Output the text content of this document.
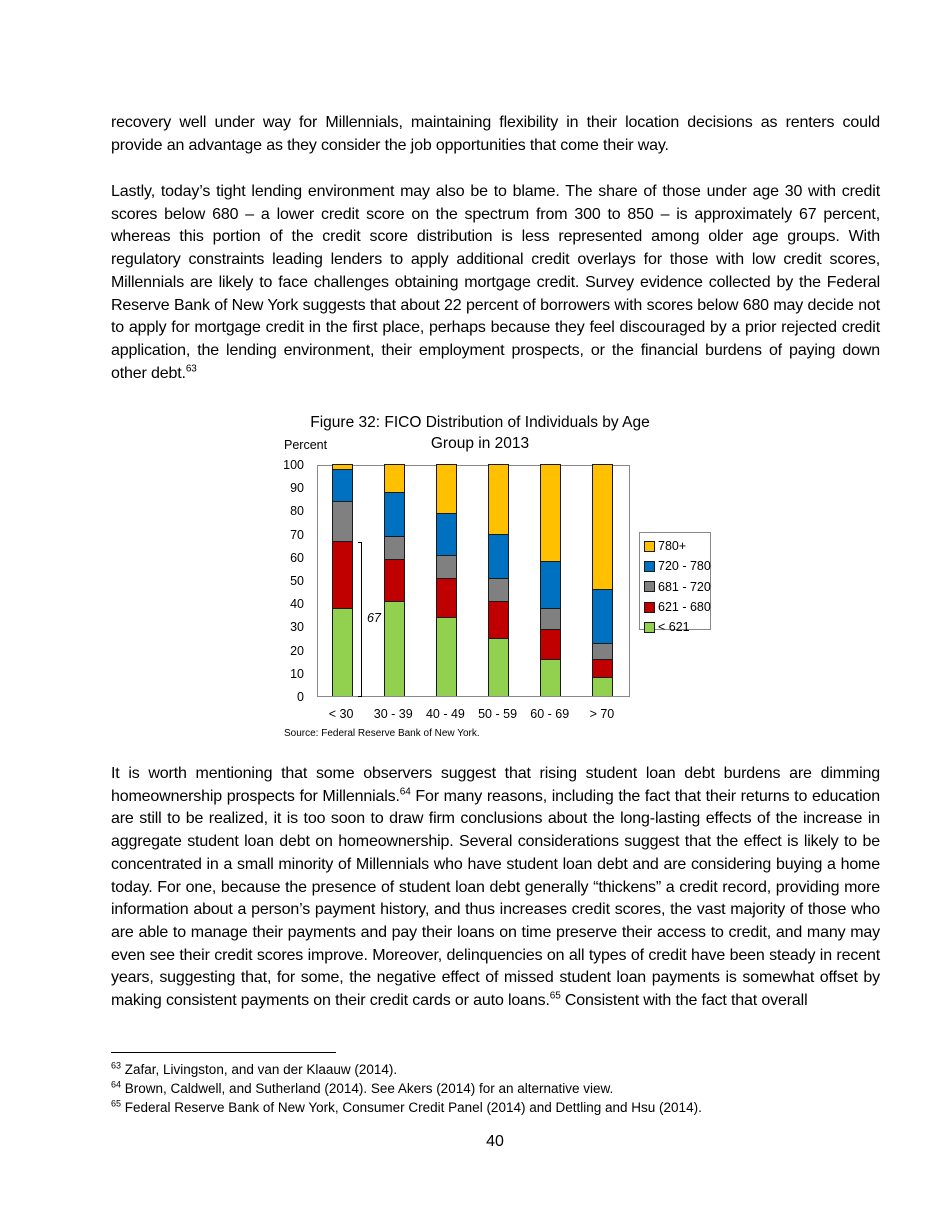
recovery well under way for Millennials, maintaining flexibility in their location decisions as renters could provide an advantage as they consider the job opportunities that come their way.

Lastly, today’s tight lending environment may also be to blame. The share of those under age 30 with credit scores below 680 – a lower credit score on the spectrum from 300 to 850 – is approximately 67 percent, whereas this portion of the credit score distribution is less represented among older age groups. With regulatory constraints leading lenders to apply additional credit overlays for those with low credit scores, Millennials are likely to face challenges obtaining mortgage credit. Survey evidence collected by the Federal Reserve Bank of New York suggests that about 22 percent of borrowers with scores below 680 may decide not to apply for mortgage credit in the first place, perhaps because they feel discouraged by a prior rejected credit application, the lending environment, their employment prospects, or the financial burdens of paying down other debt.$^{63}$

Figure 32: FICO Distribution of Individuals by Age Group in 2013
Percent
0
10
20
30
40
50
60
70
80
90
100
< 30	30 - 39	40 - 49	50 - 59	60 - 69	> 70
67
780+
720 - 780
681 - 720
621 - 680
< 621
Source: Federal Reserve Bank of New York.

It is worth mentioning that some observers suggest that rising student loan debt burdens are dimming homeownership prospects for Millennials.$^{64}$ For many reasons, including the fact that their returns to education are still to be realized, it is too soon to draw firm conclusions about the long-lasting effects of the increase in aggregate student loan debt on homeownership. Several considerations suggest that the effect is likely to be concentrated in a small minority of Millennials who have student loan debt and are considering buying a home today. For one, because the presence of student loan debt generally “thickens” a credit record, providing more information about a person’s payment history, and thus increases credit scores, the vast majority of those who are able to manage their payments and pay their loans on time preserve their access to credit, and many may even see their credit scores improve. Moreover, delinquencies on all types of credit have been steady in recent years, suggesting that, for some, the negative effect of missed student loan payments is somewhat offset by making consistent payments on their credit cards or auto loans.$^{65}$ Consistent with the fact that overall

$^{63}$ Zafar, Livingston, and van der Klaauw (2014).
$^{64}$ Brown, Caldwell, and Sutherland (2014). See Akers (2014) for an alternative view.
$^{65}$ Federal Reserve Bank of New York, Consumer Credit Panel (2014) and Dettling and Hsu (2014).
40
